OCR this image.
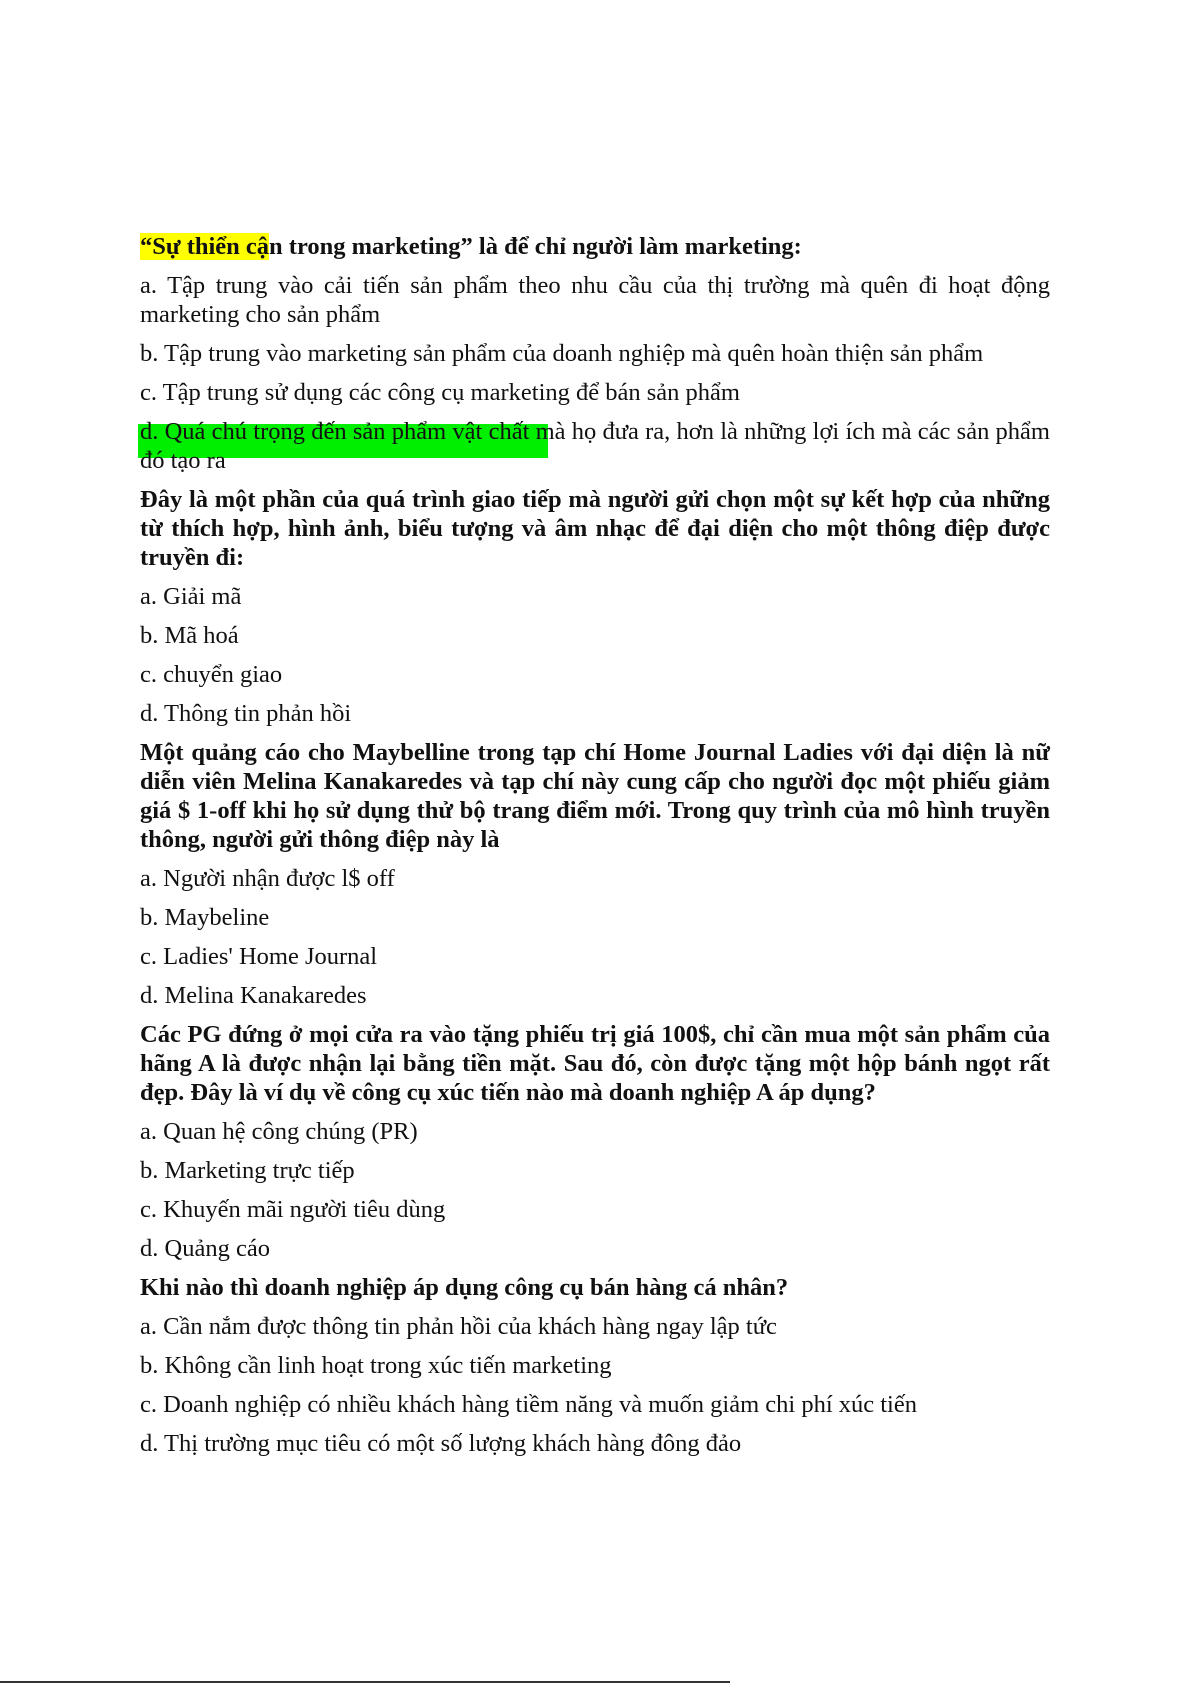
“Sự thiển cận trong marketing” là để chỉ người làm marketing:
a. Tập trung vào cải tiến sản phẩm theo nhu cầu của thị trường mà quên đi hoạt động marketing cho sản phẩm
b. Tập trung vào marketing sản phẩm của doanh nghiệp mà quên hoàn thiện sản phẩm
c. Tập trung sử dụng các công cụ marketing để bán sản phẩm
d. Quá chú trọng đến sản phẩm vật chất mà họ đưa ra, hơn là những lợi ích mà các sản phẩm đó tạo ra
Đây là một phần của quá trình giao tiếp mà người gửi chọn một sự kết hợp của những từ thích hợp, hình ảnh, biểu tượng và âm nhạc để đại diện cho một thông điệp được truyền đi:
a. Giải mã
b. Mã hoá
c. chuyển giao
d. Thông tin phản hồi
Một quảng cáo cho Maybelline trong tạp chí Home Journal Ladies với đại diện là nữ diễn viên Melina Kanakaredes và tạp chí này cung cấp cho người đọc một phiếu giảm giá $ 1-off khi họ sử dụng thử bộ trang điểm mới. Trong quy trình của mô hình truyền thông, người gửi thông điệp này là
a. Người nhận được l$ off
b. Maybeline
c. Ladies' Home Journal
d. Melina Kanakaredes
Các PG đứng ở mọi cửa ra vào tặng phiếu trị giá 100$, chỉ cần mua một sản phẩm của hãng A là được nhận lại bằng tiền mặt. Sau đó, còn được tặng một hộp bánh ngọt rất đẹp. Đây là ví dụ về công cụ xúc tiến nào mà doanh nghiệp A áp dụng?
a. Quan hệ công chúng (PR)
b. Marketing trực tiếp
c. Khuyến mãi người tiêu dùng
d. Quảng cáo
Khi nào thì doanh nghiệp áp dụng công cụ bán hàng cá nhân?
a. Cần nắm được thông tin phản hồi của khách hàng ngay lập tức
b. Không cần linh hoạt trong xúc tiến marketing
c. Doanh nghiệp có nhiều khách hàng tiềm năng và muốn giảm chi phí xúc tiến
d. Thị trường mục tiêu có một số lượng khách hàng đông đảo
